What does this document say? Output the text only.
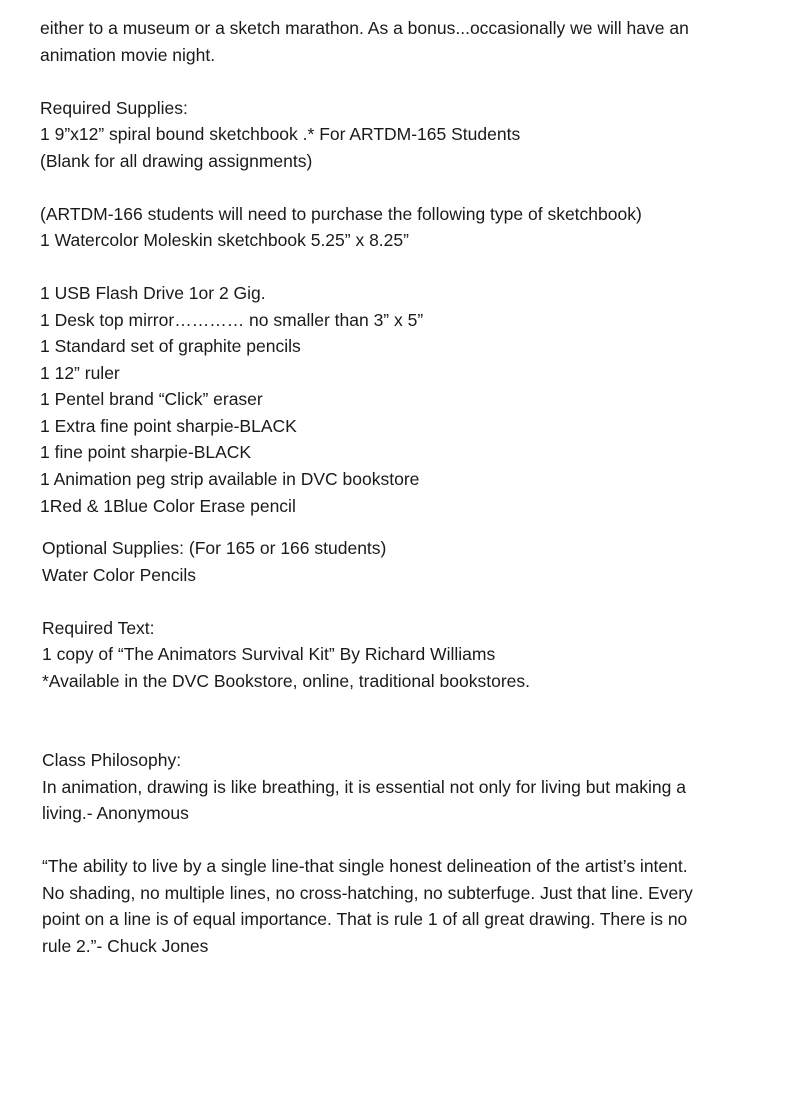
either to a museum or a sketch marathon. As a bonus...occasionally we will have an
animation movie night.
Required Supplies:
1 9”x12” spiral bound sketchbook .* For ARTDM-165 Students
(Blank for all drawing assignments)
(ARTDM-166 students will need to purchase the following type of sketchbook)
1 Watercolor Moleskin sketchbook 5.25” x 8.25”
1 USB Flash Drive 1or 2 Gig.
1 Desk top mirror………… no smaller than 3” x 5”
1 Standard set of graphite pencils
1 12” ruler
1 Pentel brand “Click” eraser
1 Extra fine point sharpie-BLACK
1 fine point sharpie-BLACK
1 Animation peg strip available in DVC bookstore
1Red & 1Blue Color Erase pencil
Optional Supplies: (For 165 or 166 students)
Water Color Pencils
Required Text:
1 copy of “The Animators Survival Kit” By Richard Williams
*Available in the DVC Bookstore, online, traditional bookstores.
Class Philosophy:
In animation, drawing is like breathing, it is essential not only for living but making a
living.- Anonymous
“The ability to live by a single line-that single honest delineation of the artist’s intent.
No shading, no multiple lines, no cross-hatching, no subterfuge. Just that line. Every
point on a line is of equal importance. That is rule 1 of all great drawing. There is no
rule 2.”- Chuck Jones
